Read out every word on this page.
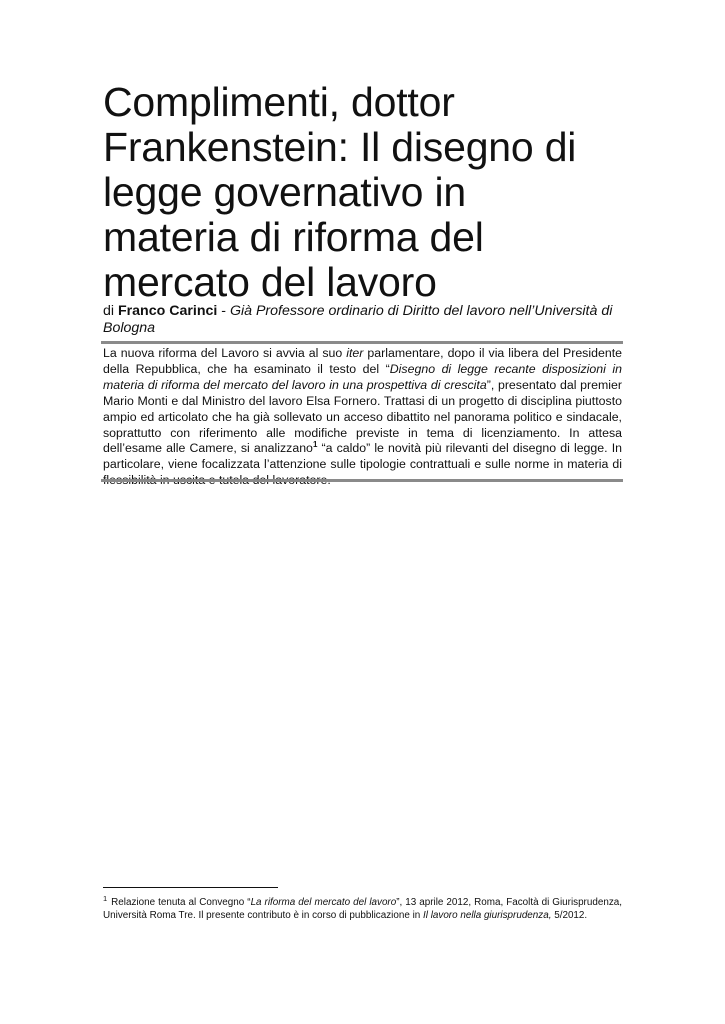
Complimenti, dottor
Frankenstein: Il disegno di
legge governativo in
materia di riforma del
mercato del lavoro
di Franco Carinci - Già Professore ordinario di Diritto del lavoro nell’Università di Bologna

La nuova riforma del Lavoro si avvia al suo iter parlamentare, dopo il via libera del Presidente della Repubblica, che ha esaminato il testo del “Disegno di legge recante disposizioni in materia di riforma del mercato del lavoro in una prospettiva di crescita”, presentato dal premier Mario Monti e dal Ministro del lavoro Elsa Fornero. Trattasi di un progetto di disciplina piuttosto ampio ed articolato che ha già sollevato un acceso dibattito nel panorama politico e sindacale, soprattutto con riferimento alle modifiche previste in tema di licenziamento. In attesa dell’esame alle Camere, si analizzano$^1$ “a caldo” le novità più rilevanti del disegno di legge. In particolare, viene focalizzata l’attenzione sulle tipologie contrattuali e sulle norme in materia di

$^1$ Relazione tenuta al Convegno “La riforma del mercato del lavoro”, 13 aprile 2012, Roma, Facoltà di Giurisprudenza, Università Roma Tre. Il presente contributo è in corso di pubblicazione in Il lavoro nella giurisprudenza, 5/2012.
